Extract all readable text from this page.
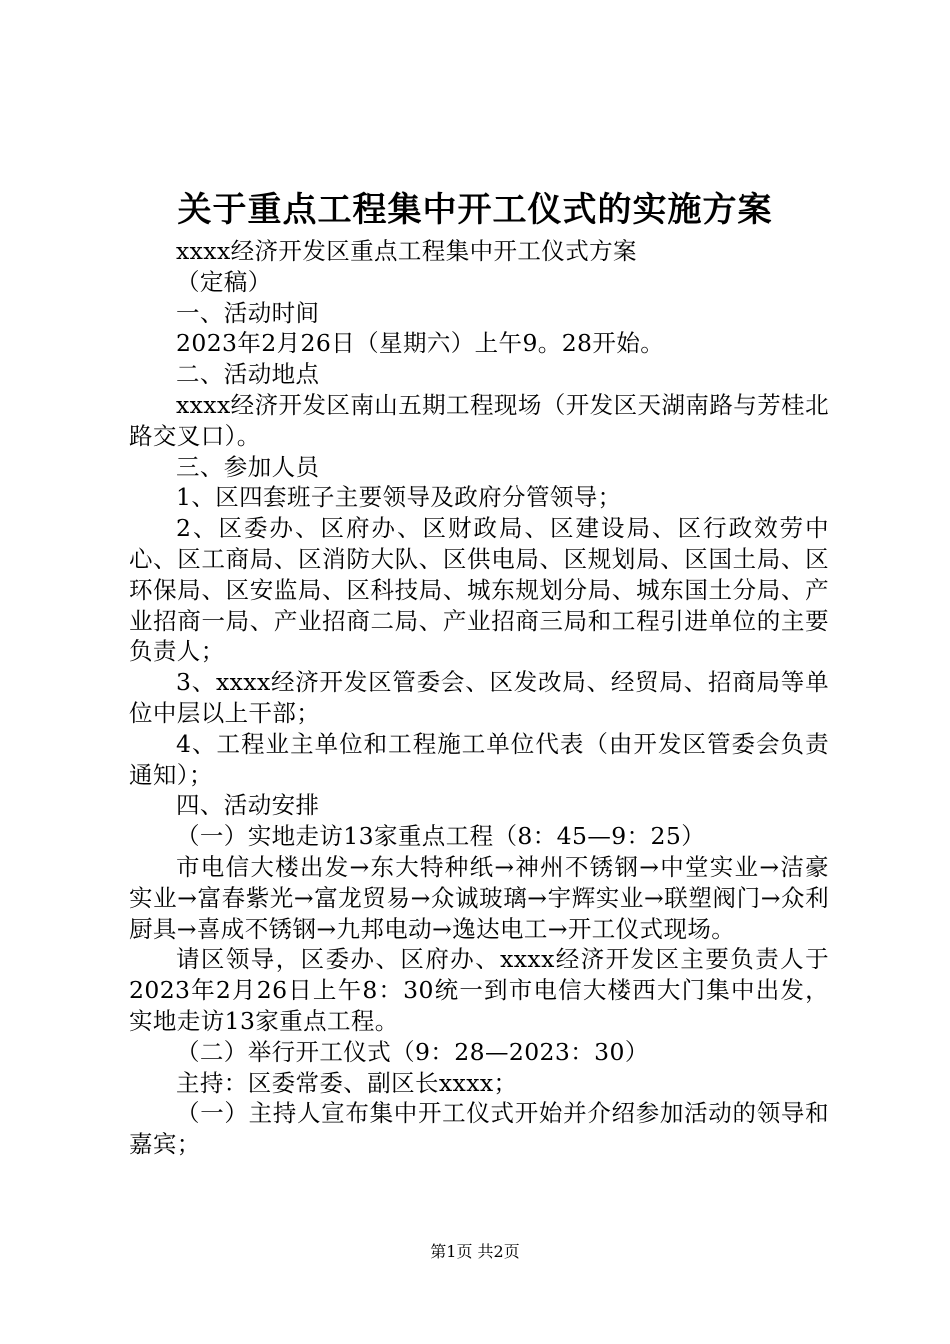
关于重点工程集中开工仪式的实施方案

xxxx经济开发区重点工程集中开工仪式方案

（定稿）

一、活动时间

2023年2月26日（星期六）上午9。28开始。

二、活动地点

xxxx经济开发区南山五期工程现场（开发区天湖南路与芳桂北路交叉口）。

三、参加人员

1、区四套班子主要领导及政府分管领导；

2、区委办、区府办、区财政局、区建设局、区行政效劳中心、区工商局、区消防大队、区供电局、区规划局、区国土局、区环保局、区安监局、区科技局、城东规划分局、城东国土分局、产业招商一局、产业招商二局、产业招商三局和工程引进单位的主要负责人；

3、xxxx经济开发区管委会、区发改局、经贸局、招商局等单位中层以上干部；

4、工程业主单位和工程施工单位代表（由开发区管委会负责通知）；

四、活动安排

（一）实地走访13家重点工程（8：45—9：25）

市电信大楼出发→东大特种纸→神州不锈钢→中堂实业→洁豪实业→富春紫光→富龙贸易→众诚玻璃→宇辉实业→联塑阀门→众利厨具→喜成不锈钢→九邦电动→逸达电工→开工仪式现场。

请区领导，区委办、区府办、xxxx经济开发区主要负责人于2023年2月26日上午8：30统一到市电信大楼西大门集中出发，实地走访13家重点工程。

（二）举行开工仪式（9：28—2023：30）

主持：区委常委、副区长xxxx；

（一）主持人宣布集中开工仪式开始并介绍参加活动的领导和嘉宾；

第1页 共2页
